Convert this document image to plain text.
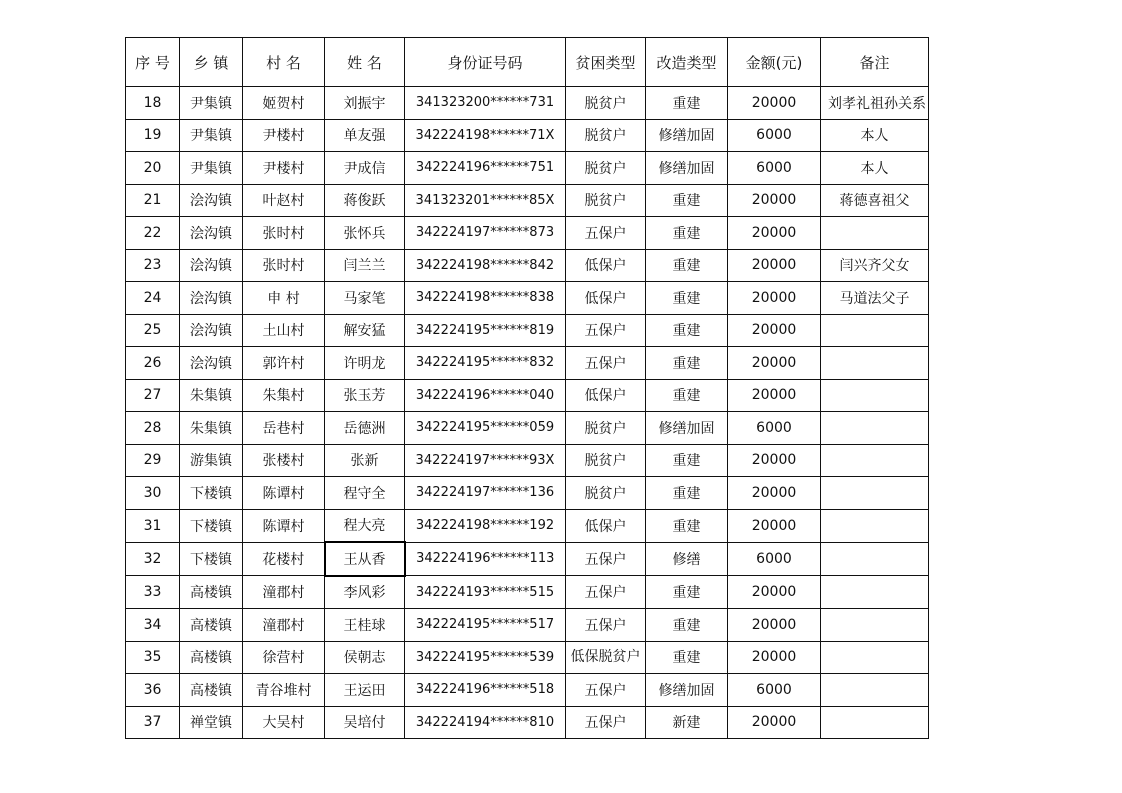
序 号	乡 镇	村 名	姓 名	身份证号码	贫困类型	改造类型	金额(元)	备注
18	尹集镇	姬贺村	刘振宇	341323200******731	脱贫户	重建	20000	刘孝礼祖孙关系
19	尹集镇	尹楼村	单友强	342224198******71X	脱贫户	修缮加固	6000	本人
20	尹集镇	尹楼村	尹成信	342224196******751	脱贫户	修缮加固	6000	本人
21	浍沟镇	叶赵村	蒋俊跃	341323201******85X	脱贫户	重建	20000	蒋德喜祖父
22	浍沟镇	张时村	张怀兵	342224197******873	五保户	重建	20000	
23	浍沟镇	张时村	闫兰兰	342224198******842	低保户	重建	20000	闫兴齐父女
24	浍沟镇	申 村	马家笔	342224198******838	低保户	重建	20000	马道法父子
25	浍沟镇	土山村	解安猛	342224195******819	五保户	重建	20000	
26	浍沟镇	郭许村	许明龙	342224195******832	五保户	重建	20000	
27	朱集镇	朱集村	张玉芳	342224196******040	低保户	重建	20000	
28	朱集镇	岳巷村	岳德洲	342224195******059	脱贫户	修缮加固	6000	
29	游集镇	张楼村	张新	342224197******93X	脱贫户	重建	20000	
30	下楼镇	陈谭村	程守全	342224197******136	脱贫户	重建	20000	
31	下楼镇	陈谭村	程大亮	342224198******192	低保户	重建	20000	
32	下楼镇	花楼村	王从香	342224196******113	五保户	修缮	6000	
33	高楼镇	潼郡村	李风彩	342224193******515	五保户	重建	20000	
34	高楼镇	潼郡村	王桂球	342224195******517	五保户	重建	20000	
35	高楼镇	徐营村	侯朝志	342224195******539	低保脱贫户	重建	20000	
36	高楼镇	青谷堆村	王运田	342224196******518	五保户	修缮加固	6000	
37	禅堂镇	大吴村	吴培付	342224194******810	五保户	新建	20000	
